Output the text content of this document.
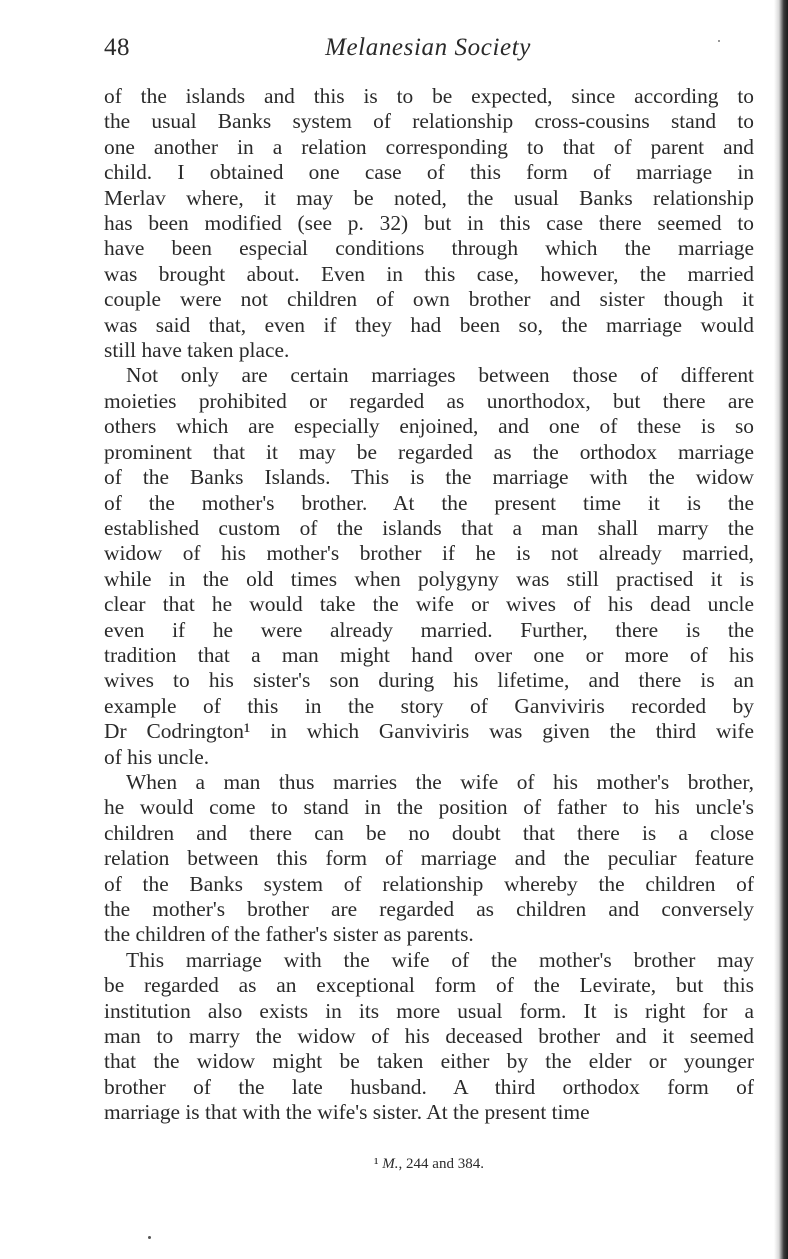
48	Melanesian Society

of the islands and this is to be expected, since according to
the usual Banks system of relationship cross-cousins stand to
one another in a relation corresponding to that of parent and
child. I obtained one case of this form of marriage in
Merlav where, it may be noted, the usual Banks relationship
has been modified (see p. 32) but in this case there seemed to
have been especial conditions through which the marriage
was brought about. Even in this case, however, the married
couple were not children of own brother and sister though it
was said that, even if they had been so, the marriage would
still have taken place.

Not only are certain marriages between those of different
moieties prohibited or regarded as unorthodox, but there are
others which are especially enjoined, and one of these is so
prominent that it may be regarded as the orthodox marriage
of the Banks Islands. This is the marriage with the widow
of the mother's brother. At the present time it is the
established custom of the islands that a man shall marry the
widow of his mother's brother if he is not already married,
while in the old times when polygyny was still practised it is
clear that he would take the wife or wives of his dead uncle
even if he were already married. Further, there is the
tradition that a man might hand over one or more of his
wives to his sister's son during his lifetime, and there is an
example of this in the story of Ganviviris recorded by
Dr Codrington¹ in which Ganviviris was given the third wife
of his uncle.

When a man thus marries the wife of his mother's brother,
he would come to stand in the position of father to his uncle's
children and there can be no doubt that there is a close
relation between this form of marriage and the peculiar feature
of the Banks system of relationship whereby the children of
the mother's brother are regarded as children and conversely
the children of the father's sister as parents.

This marriage with the wife of the mother's brother may
be regarded as an exceptional form of the Levirate, but this
institution also exists in its more usual form. It is right for a
man to marry the widow of his deceased brother and it seemed
that the widow might be taken either by the elder or younger
brother of the late husband. A third orthodox form of
marriage is that with the wife's sister. At the present time

¹ M., 244 and 384.
